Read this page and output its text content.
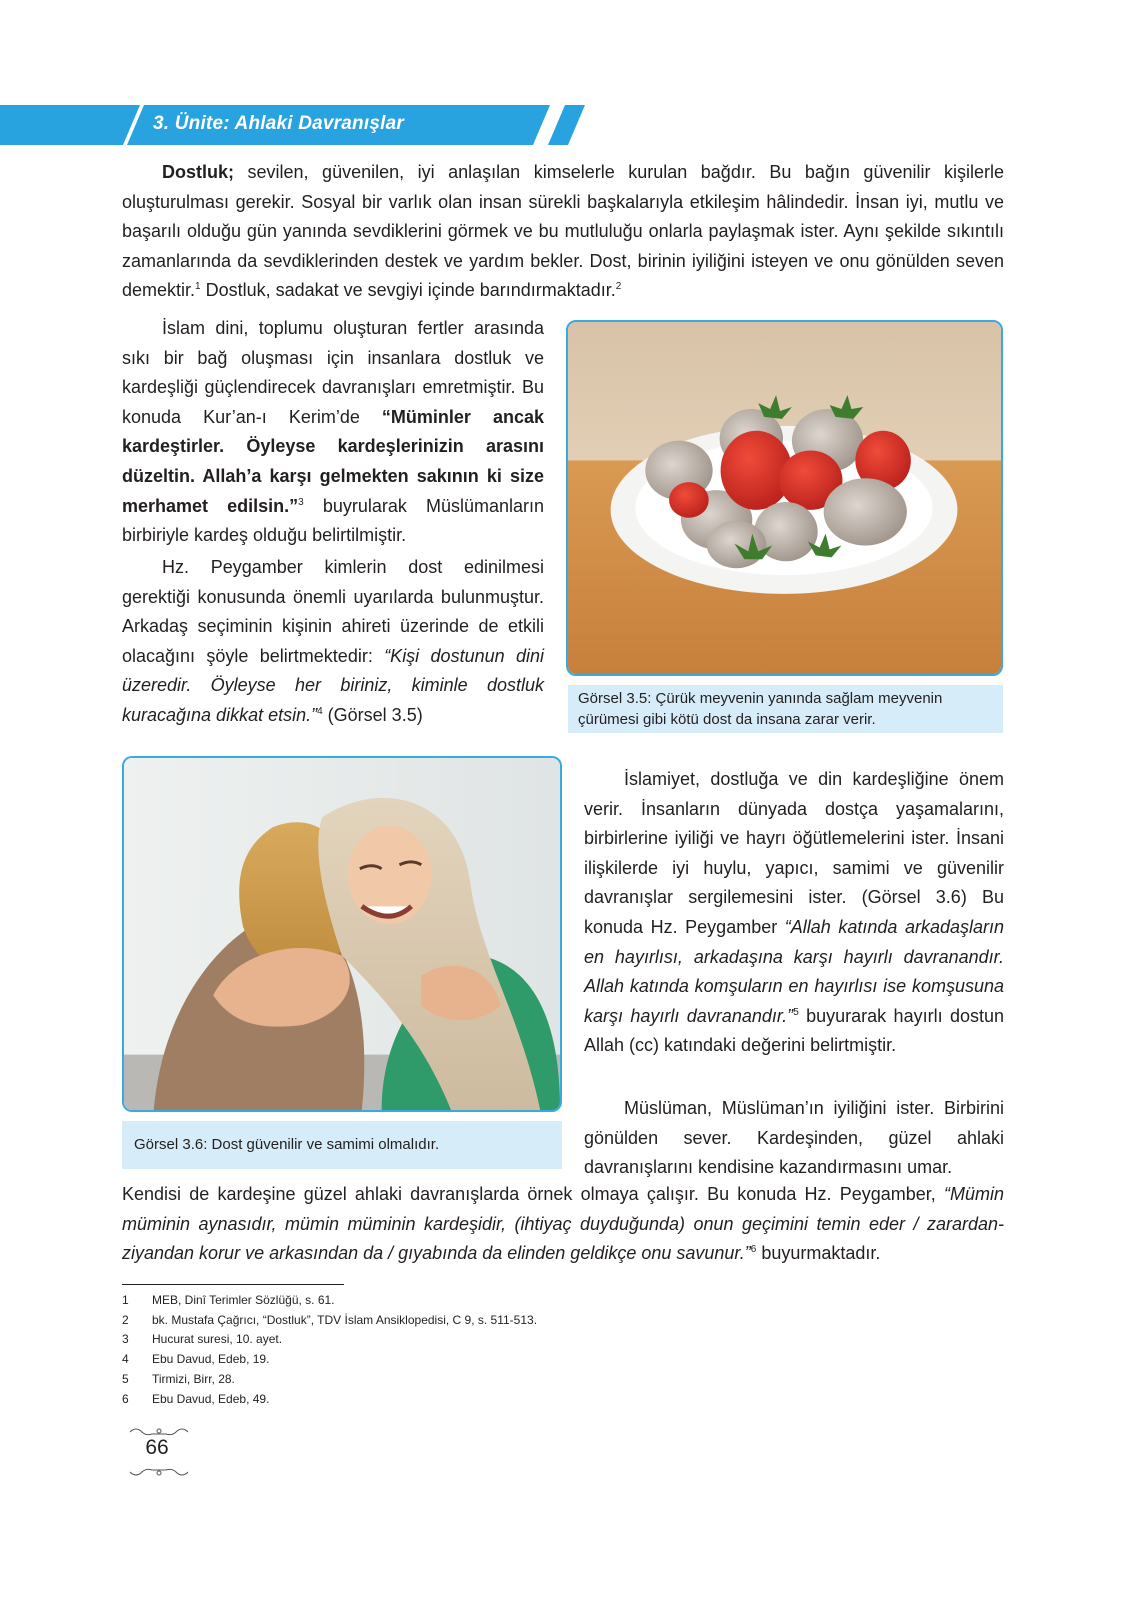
3. Ünite: Ahlaki Davranışlar

Dostluk; sevilen, güvenilen, iyi anlaşılan kimselerle kurulan bağdır. Bu bağın güvenilir kişilerle oluşturulması gerekir. Sosyal bir varlık olan insan sürekli başkalarıyla etkileşim hâlindedir. İnsan iyi, mutlu ve başarılı olduğu gün yanında sevdiklerini görmek ve bu mutluluğu onlarla paylaşmak ister. Aynı şekilde sıkıntılı zamanlarında da sevdiklerinden destek ve yardım bekler. Dost, birinin iyiliğini isteyen ve onu gönülden seven demektir.$^1$ Dostluk, sadakat ve sevgiyi içinde barındırmaktadır.$^2$

İslam dini, toplumu oluşturan fertler arasında sıkı bir bağ oluşması için insanlara dostluk ve kardeşliği güçlendirecek davranışları emretmiştir. Bu konuda Kur’an-ı Kerim’de “Müminler ancak kardeştirler. Öyleyse kardeşlerinizin arasını düzeltin. Allah’a karşı gelmekten sakının ki size merhamet edilsin.”$^3$ buyrularak Müslümanların birbiriyle kardeş olduğu belirtilmiştir.

Hz. Peygamber kimlerin dost edinilmesi gerektiği konusunda önemli uyarılarda bulunmuştur. Arkadaş seçiminin kişinin ahireti üzerinde de etkili olacağını şöyle belirtmektedir: “Kişi dostunun dini üzeredir. Öyleyse her biriniz, kiminle dostluk kuracağına dikkat etsin.”$^4$ (Görsel 3.5)

Görsel 3.5: Çürük meyvenin yanında sağlam meyvenin çürümesi gibi kötü dost da insana zarar verir.
Görsel 3.6: Dost güvenilir ve samimi olmalıdır.

İslamiyet, dostluğa ve din kardeşliğine önem verir. İnsanların dünyada dostça yaşamalarını, birbirlerine iyiliği ve hayrı öğütlemelerini ister. İnsani ilişkilerde iyi huylu, yapıcı, samimi ve güvenilir davranışlar sergilemesini ister. (Görsel 3.6) Bu konuda Hz. Peygamber “Allah katında arkadaşların en hayırlısı, arkadaşına karşı hayırlı davranandır. Allah katında komşuların en hayırlısı ise komşusuna karşı hayırlı davranandır.”$^5$ buyurarak hayırlı dostun Allah (cc) katındaki değerini belirtmiştir.

Müslüman, Müslüman’ın iyiliğini ister. Birbirini gönülden sever. Kardeşinden, güzel ahlaki davranışlarını kendisine kazandırmasını umar.

Kendisi de kardeşine güzel ahlaki davranışlarda örnek olmaya çalışır. Bu konuda Hz. Peygamber, “Mümin müminin aynasıdır, mümin müminin kardeşidir, (ihtiyaç duyduğunda) onun geçimini temin eder / zarardan-ziyandan korur ve arkasından da / gıyabında da elinden geldikçe onu savunur.”$^6$ buyurmaktadır.

1	MEB, Dinî Terimler Sözlüğü, s. 61.
2	bk. Mustafa Çağrıcı, “Dostluk”, TDV İslam Ansiklopedisi, C 9, s. 511-513.
3	Hucurat suresi, 10. ayet.
4	Ebu Davud, Edeb, 19.
5	Tirmizi, Birr, 28.
6	Ebu Davud, Edeb, 49.
66
